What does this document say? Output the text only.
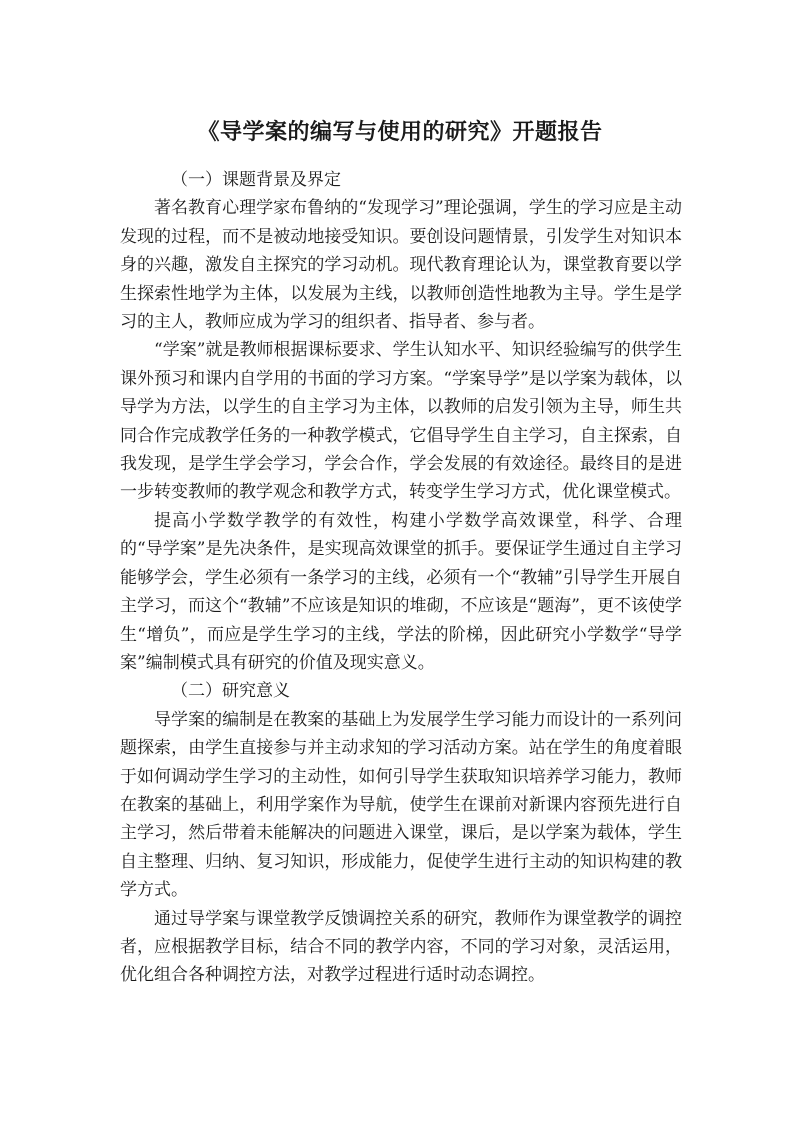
《导学案的编写与使用的研究》开题报告

（一）课题背景及界定

著名教育心理学家布鲁纳的“发现学习”理论强调，学生的学习应是主动发现的过程，而不是被动地接受知识。要创设问题情景，引发学生对知识本身的兴趣，激发自主探究的学习动机。现代教育理论认为，课堂教育要以学生探索性地学为主体，以发展为主线，以教师创造性地教为主导。学生是学习的主人，教师应成为学习的组织者、指导者、参与者。

“学案”就是教师根据课标要求、学生认知水平、知识经验编写的供学生课外预习和课内自学用的书面的学习方案。“学案导学”是以学案为载体，以导学为方法，以学生的自主学习为主体，以教师的启发引领为主导，师生共同合作完成教学任务的一种教学模式，它倡导学生自主学习，自主探索，自我发现，是学生学会学习，学会合作，学会发展的有效途径。最终目的是进一步转变教师的教学观念和教学方式，转变学生学习方式，优化课堂模式。

提高小学数学教学的有效性，构建小学数学高效课堂，科学、合理的“导学案”是先决条件，是实现高效课堂的抓手。要保证学生通过自主学习能够学会，学生必须有一条学习的主线，必须有一个“教辅”引导学生开展自主学习，而这个“教辅”不应该是知识的堆砌，不应该是“题海”，更不该使学生“增负”，而应是学生学习的主线，学法的阶梯，因此研究小学数学“导学案”编制模式具有研究的价值及现实意义。

（二）研究意义

导学案的编制是在教案的基础上为发展学生学习能力而设计的一系列问题探索，由学生直接参与并主动求知的学习活动方案。站在学生的角度着眼于如何调动学生学习的主动性，如何引导学生获取知识培养学习能力，教师在教案的基础上，利用学案作为导航，使学生在课前对新课内容预先进行自主学习，然后带着未能解决的问题进入课堂，课后，是以学案为载体，学生自主整理、归纳、复习知识，形成能力，促使学生进行主动的知识构建的教学方式。

通过导学案与课堂教学反馈调控关系的研究，教师作为课堂教学的调控者，应根据教学目标，结合不同的教学内容，不同的学习对象，灵活运用，优化组合各种调控方法，对教学过程进行适时动态调控。
